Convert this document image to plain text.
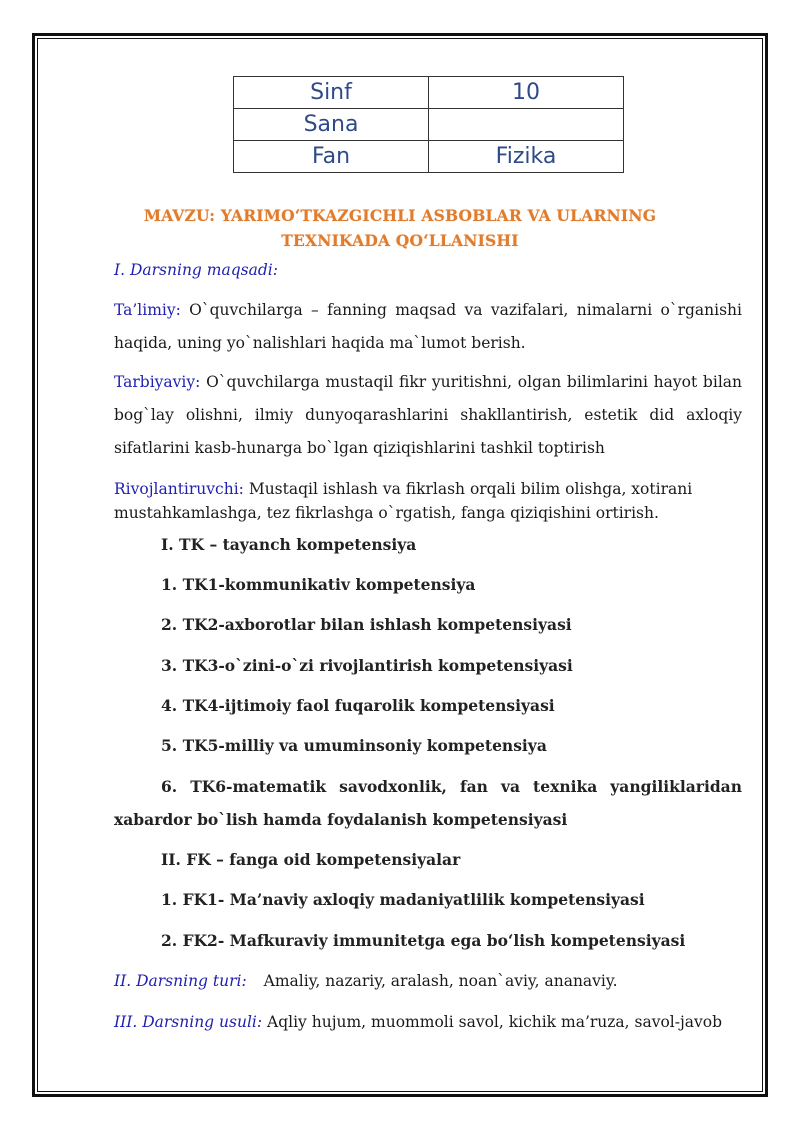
Sinf	10
Sana	
Fan	Fizika
MAVZU: YARIMO‘TKAZGICHLI ASBOBLAR VA ULARNING
TEXNIKADA QO‘LLANISHI
I. Darsning maqsadi:
Ta’limiy: O`quvchilarga – fanning maqsad va vazifalari, nimalarni o`rganishi
haqida, uning yo`nalishlari haqida ma`lumot berish.
Tarbiyaviy: O`quvchilarga mustaqil fikr yuritishni, olgan bilimlarini hayot bilan
bog`lay olishni, ilmiy dunyoqarashlarini shakllantirish, estetik did axloqiy
sifatlarini kasb-hunarga bo`lgan qiziqishlarini tashkil toptirish
Rivojlantiruvchi: Mustaqil ishlash va fikrlash orqali bilim olishga, xotirani
mustahkamlashga, tez fikrlashga o`rgatish, fanga qiziqishini ortirish.
I. TK – tayanch kompetensiya
1. TK1-kommunikativ kompetensiya
2. TK2-axborotlar bilan ishlash kompetensiyasi
3. TK3-o`zini-o`zi rivojlantirish kompetensiyasi
4. TK4-ijtimoiy faol fuqarolik kompetensiyasi
5. TK5-milliy va umuminsoniy kompetensiya
6. TK6-matematik savodxonlik, fan va texnika yangiliklaridan
xabardor bo`lish hamda foydalanish kompetensiyasi
II. FK – fanga oid kompetensiyalar
1. FK1- Ma’naviy axloqiy madaniyatlilik kompetensiyasi
2. FK2- Mafkuraviy immunitetga ega bo‘lish kompetensiyasi
II. Darsning turi: Amaliy, nazariy, aralash, noan`aviy, ananaviy.
III. Darsning usuli: Aqliy hujum, muommoli savol, kichik ma’ruza, savol-javob
